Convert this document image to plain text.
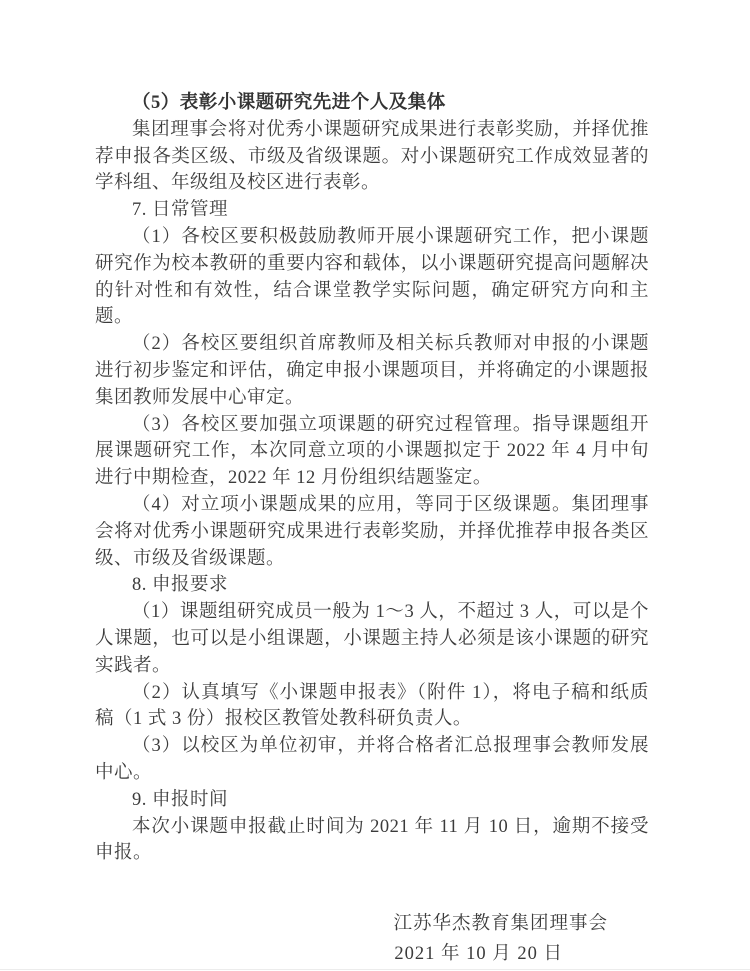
（5）表彰小课题研究先进个人及集体

集团理事会将对优秀小课题研究成果进行表彰奖励，并择优推荐申报各类区级、市级及省级课题。对小课题研究工作成效显著的学科组、年级组及校区进行表彰。

7. 日常管理

（1）各校区要积极鼓励教师开展小课题研究工作，把小课题研究作为校本教研的重要内容和载体，以小课题研究提高问题解决的针对性和有效性，结合课堂教学实际问题，确定研究方向和主题。

（2）各校区要组织首席教师及相关标兵教师对申报的小课题进行初步鉴定和评估，确定申报小课题项目，并将确定的小课题报集团教师发展中心审定。

（3）各校区要加强立项课题的研究过程管理。指导课题组开展课题研究工作，本次同意立项的小课题拟定于 2022 年 4 月中旬进行中期检查，2022 年 12 月份组织结题鉴定。

（4）对立项小课题成果的应用，等同于区级课题。集团理事会将对优秀小课题研究成果进行表彰奖励，并择优推荐申报各类区级、市级及省级课题。

8. 申报要求

（1）课题组研究成员一般为 1～3 人，不超过 3 人，可以是个人课题，也可以是小组课题，小课题主持人必须是该小课题的研究实践者。

（2）认真填写《小课题申报表》（附件 1），将电子稿和纸质稿（1 式 3 份）报校区教管处教科研负责人。

（3）以校区为单位初审，并将合格者汇总报理事会教师发展中心。

9. 申报时间

本次小课题申报截止时间为 2021 年 11 月 10 日，逾期不接受申报。

江苏华杰教育集团理事会

2021 年 10 月 20 日
